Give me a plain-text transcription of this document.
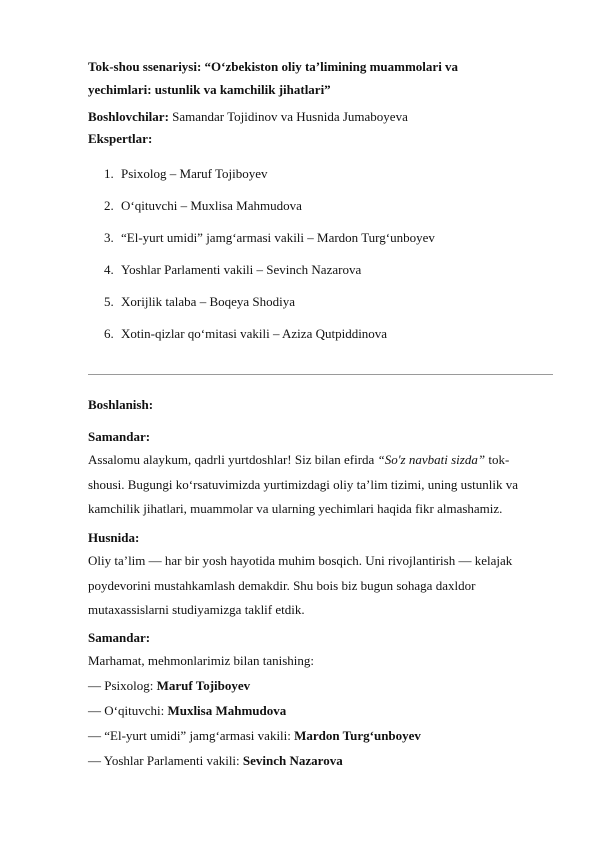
Tok-shou ssenariysi: “O‘zbekiston oliy ta’limining muammolari va
yechimlari: ustunlik va kamchilik jihatlari”
Boshlovchilar: Samandar Tojidinov va Husnida Jumaboyeva
Ekspertlar:
1. Psixolog – Maruf Tojiboyev
2. O‘qituvchi – Muxlisa Mahmudova
3. “El-yurt umidi” jamg‘armasi vakili – Mardon Turg‘unboyev
4. Yoshlar Parlamenti vakili – Sevinch Nazarova
5. Xorijlik talaba – Boqeya Shodiya
6. Xotin-qizlar qo‘mitasi vakili – Aziza Qutpiddinova
Boshlanish:
Samandar:
Assalomu alaykum, qadrli yurtdoshlar! Siz bilan efirda “So'z navbati sizda” tok-
shousi. Bugungi ko‘rsatuvimizda yurtimizdagi oliy ta’lim tizimi, uning ustunlik va
kamchilik jihatlari, muammolar va ularning yechimlari haqida fikr almashamiz.
Husnida:
Oliy ta’lim — har bir yosh hayotida muhim bosqich. Uni rivojlantirish — kelajak
poydevorini mustahkamlash demakdir. Shu bois biz bugun sohaga daxldor
mutaxassislarni studiyamizga taklif etdik.
Samandar:
Marhamat, mehmonlarimiz bilan tanishing:
— Psixolog: Maruf Tojiboyev
— O‘qituvchi: Muxlisa Mahmudova
— “El-yurt umidi” jamg‘armasi vakili: Mardon Turg‘unboyev
— Yoshlar Parlamenti vakili: Sevinch Nazarova
